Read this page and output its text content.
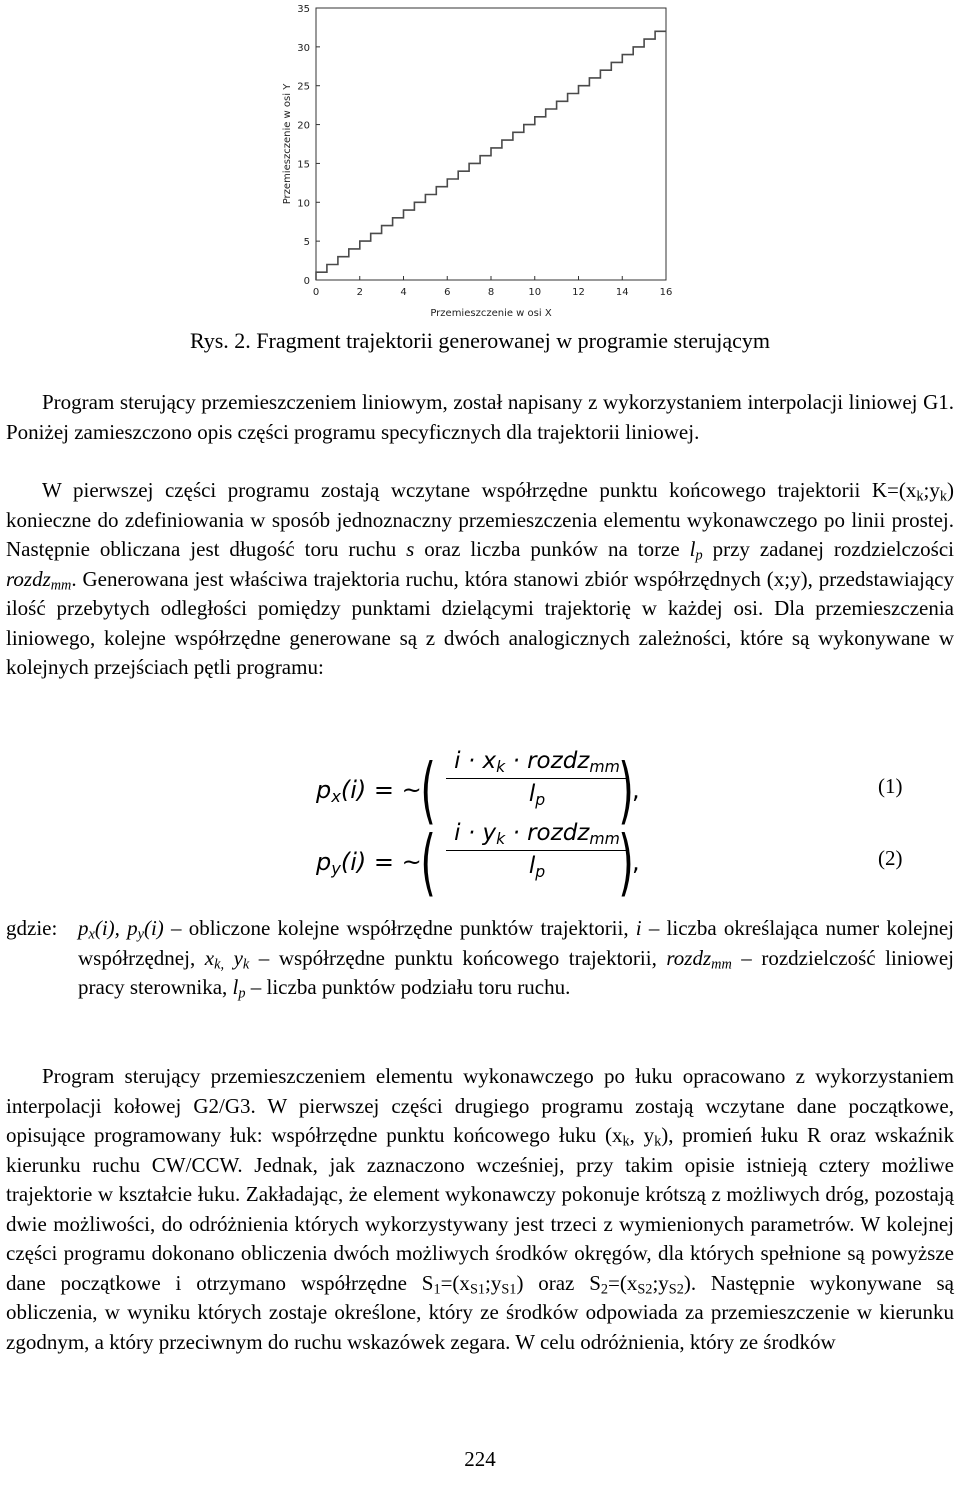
0
5
10
15
20
25
30
35
0	2	4	6	8	10	12	14	16
Przemieszczenie w osi Y
Przemieszczenie w osi X
Rys. 2. Fragment trajektorii generowanej w programie sterującym

Program sterujący przemieszczeniem liniowym, został napisany z wykorzystaniem interpolacji liniowej G1. Poniżej zamieszczono opis części programu specyficznych dla trajektorii liniowej.

W pierwszej części programu zostają wczytane współrzędne punktu końcowego trajektorii $K=(x_k;y_k)$ konieczne do zdefiniowania w sposób jednoznaczny przemieszczenia elementu wykonawczego po linii prostej. Następnie obliczana jest długość toru ruchu s oraz liczba punków na torze $l_p$ przy zadanej rozdzielczości rozdz$_{mm}$. Generowana jest właściwa trajektoria ruchu, która stanowi zbiór współrzędnych (x;y), przedstawiający ilość przebytych odległości pomiędzy punktami dzielącymi trajektorię w każdej osi. Dla przemieszczenia liniowego, kolejne współrzędne generowane są z dwóch analogicznych zależności, które są wykonywane w kolejnych przejściach pętli programu:

$p_x(i)$ = ~
( $i \cdot x_k$ · rozdz$_{mm}$
$l_p$	)
,	(1)
$p_y(i)$ = ~
( $i \cdot y_k$ · rozdz$_{mm}$
$l_p$	)
,	(2)
gdzie: $p_x(i)$, $p_y(i)$ – obliczone kolejne współrzędne punktów trajektorii, i – liczba określająca numer kolejnej współrzędnej, $x_{k,}$ $y_k$ – współrzędne punktu końcowego trajektorii, rozdz$_{mm}$ – rozdzielczość liniowej pracy sterownika, $l_p$ – liczba punktów podziału toru ruchu.

Program sterujący przemieszczeniem elementu wykonawczego po łuku opracowano z wykorzystaniem interpolacji kołowej G2/G3. W pierwszej części drugiego programu zostają wczytane dane początkowe, opisujące programowany łuk: współrzędne punktu końcowego łuku ($x_k$, $y_k$), promień łuku R oraz wskaźnik kierunku ruchu CW/CCW. Jednak, jak zaznaczono wcześniej, przy takim opisie istnieją cztery możliwe trajektorie w kształcie łuku. Zakładając, że element wykonawczy pokonuje krótszą z możliwych dróg, pozostają dwie możliwości, do odróżnienia których wykorzystywany jest trzeci z wymienionych parametrów. W kolejnej części programu dokonano obliczenia dwóch możliwych środków okręgów, dla których spełnione są powyższe dane początkowe i otrzymano współrzędne $S_1=(x_{S1};y_{S1})$ oraz $S_2=(x_{S2};y_{S2})$. Następnie wykonywane są obliczenia, w wyniku których zostaje określone, który ze środków odpowiada za przemieszczenie w kierunku zgodnym, a który przeciwnym do ruchu wskazówek zegara. W celu odróżnienia, który ze środków

224
